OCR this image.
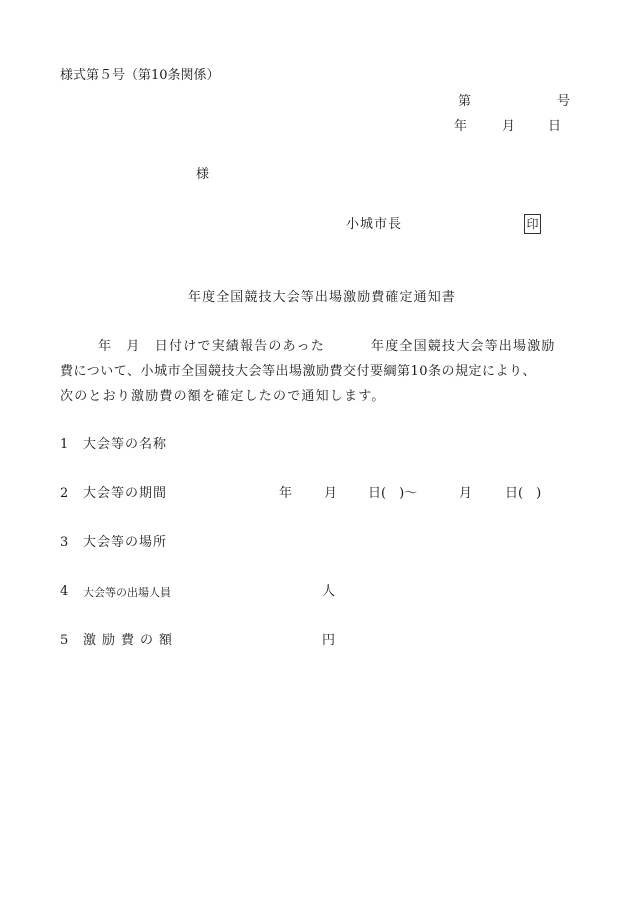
様式第５号（第10条関係）
第	号
年	月	日
様
小城市長	印
年度全国競技大会等出場激励費確定通知書
年　月　日付けで実績報告のあった	年度全国競技大会等出場激励
費について、小城市全国競技大会等出場激励費交付要綱第10条の規定により、
次のとおり激励費の額を確定したので通知します。
1 大会等の名称
2 大会等の期間	年 月 日(　)～	月	日(　)
3 大会等の場所
4 大会等の出場人員	人
5 激励費の額	円
